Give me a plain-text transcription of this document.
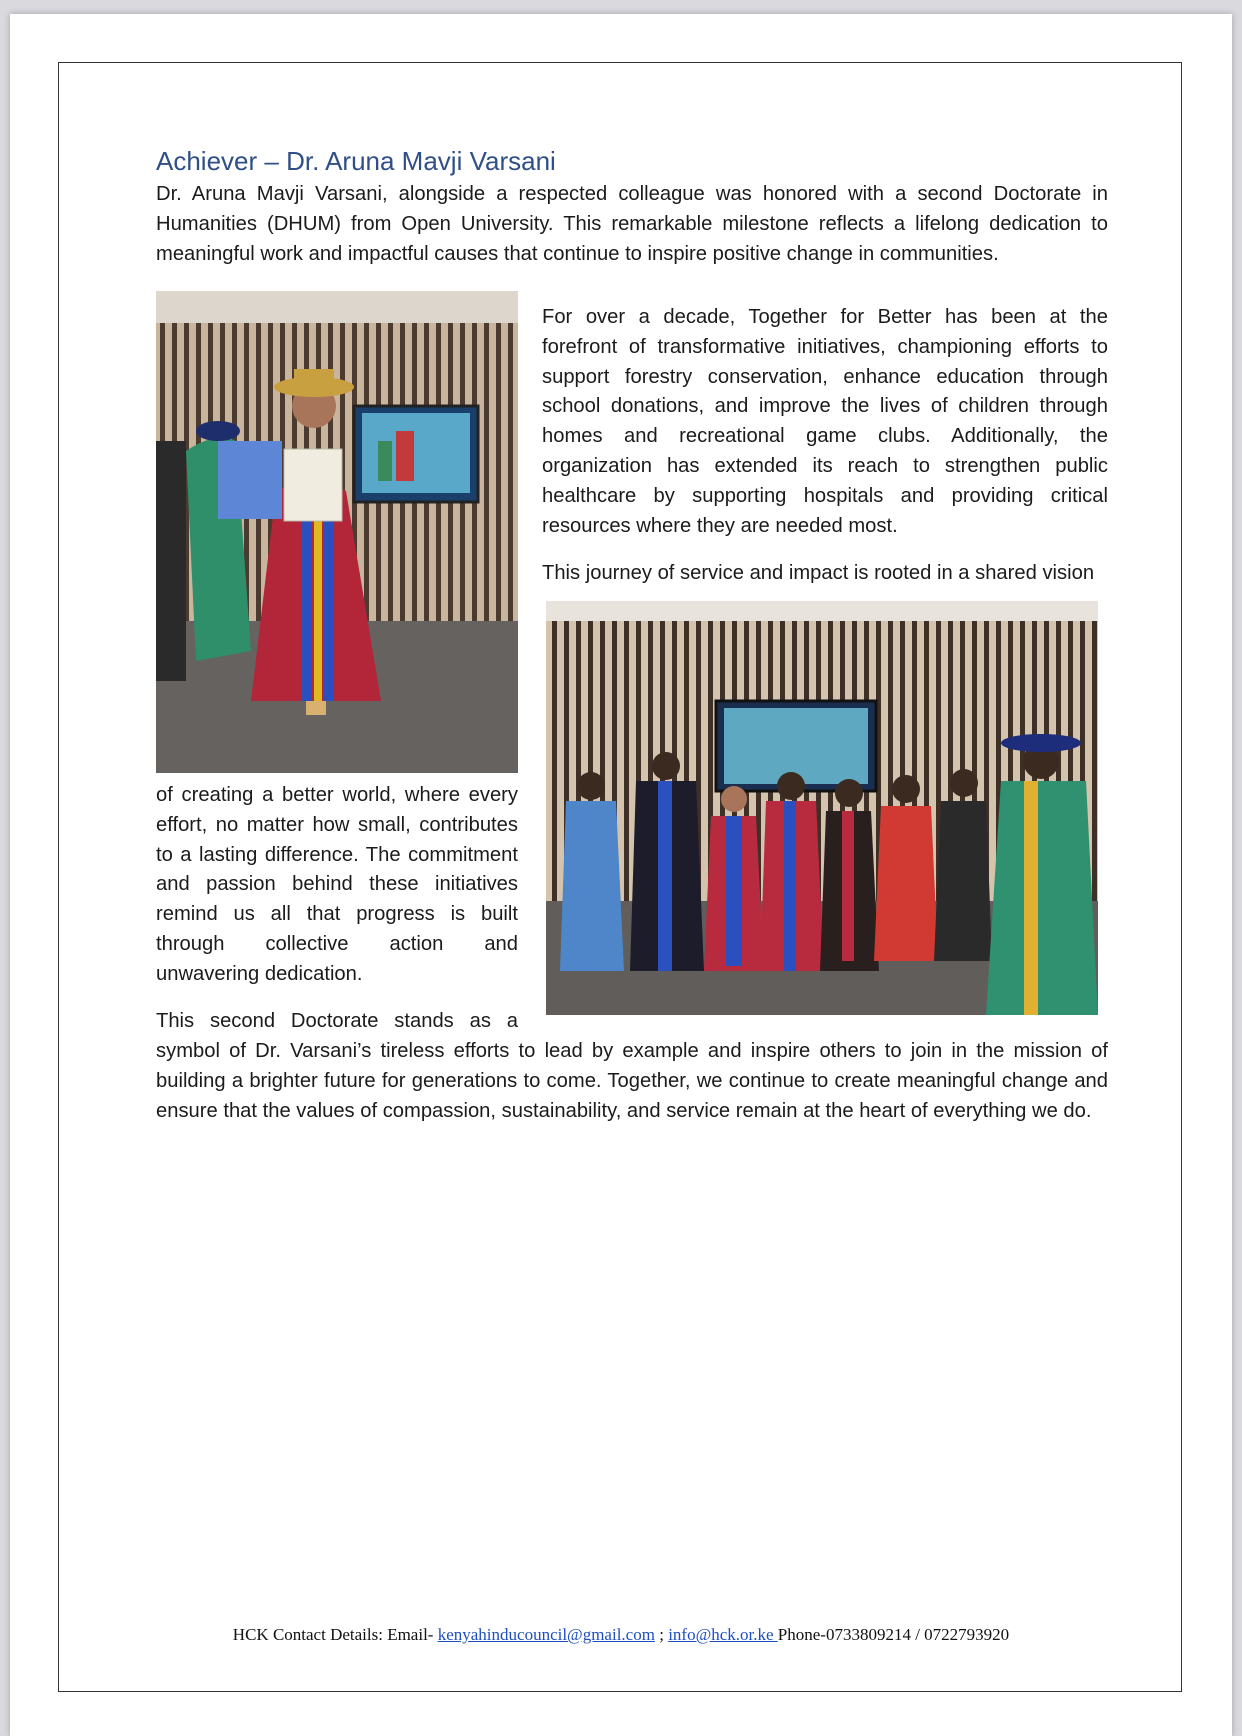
Achiever – Dr. Aruna Mavji Varsani

Dr. Aruna Mavji Varsani, alongside a respected colleague was honored with a second Doctorate in Humanities (DHUM) from Open University. This remarkable milestone reflects a lifelong dedication to meaningful work and impactful causes that continue to inspire positive change in communities.

For over a decade, Together for Better has been at the forefront of transformative initiatives, championing efforts to support forestry conservation, enhance education through school donations, and improve the lives of children through homes and recreational game clubs. Additionally, the organization has extended its reach to strengthen public healthcare by supporting hospitals and providing critical resources where they are needed most.

This journey of service and impact is rooted in a shared vision

of creating a better world, where every effort, no matter how small, contributes to a lasting difference. The commitment and passion behind these initiatives remind us all that progress is built through collective action and unwavering dedication.

This second Doctorate stands as a

symbol of Dr. Varsani’s tireless efforts to lead by example and inspire others to join in the mission of building a brighter future for generations to come. Together, we continue to create meaningful change and ensure that the values of compassion, sustainability, and service remain at the heart of everything we do.

HCK Contact Details: Email- kenyahinducouncil@gmail.com ; info@hck.or.ke Phone-0733809214 / 0722793920
